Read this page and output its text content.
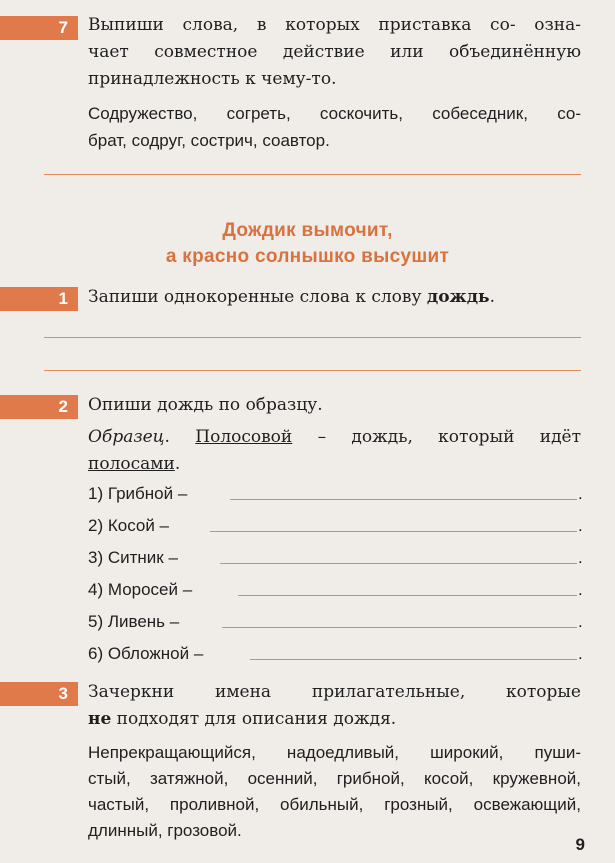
7 Выпиши слова, в которых приставка со- озна-
чает совместное действие или объединённую
принадлежность к чему-то.
Содружество, согреть, соскочить, собеседник, со-
брат, содруг, сострич, соавтор.
Дождик вымочит,
а красно солнышко высушит
1 Запиши однокоренные слова к слову дождь.
2 Опиши дождь по образцу.
Образец. Полосовой – дождь, который идёт
полосами.
1) Грибной –	.
2) Косой –	.
3) Ситник –	.
4) Моросей –	.
5) Ливень –	.
6) Обложной –	.
3 Зачеркни имена прилагательные, которые
не подходят для описания дождя.
Непрекращающийся, надоедливый, широкий, пуши-
стый, затяжной, осенний, грибной, косой, кружевной,
частый, проливной, обильный, грозный, освежающий,
длинный, грозовой.
9
